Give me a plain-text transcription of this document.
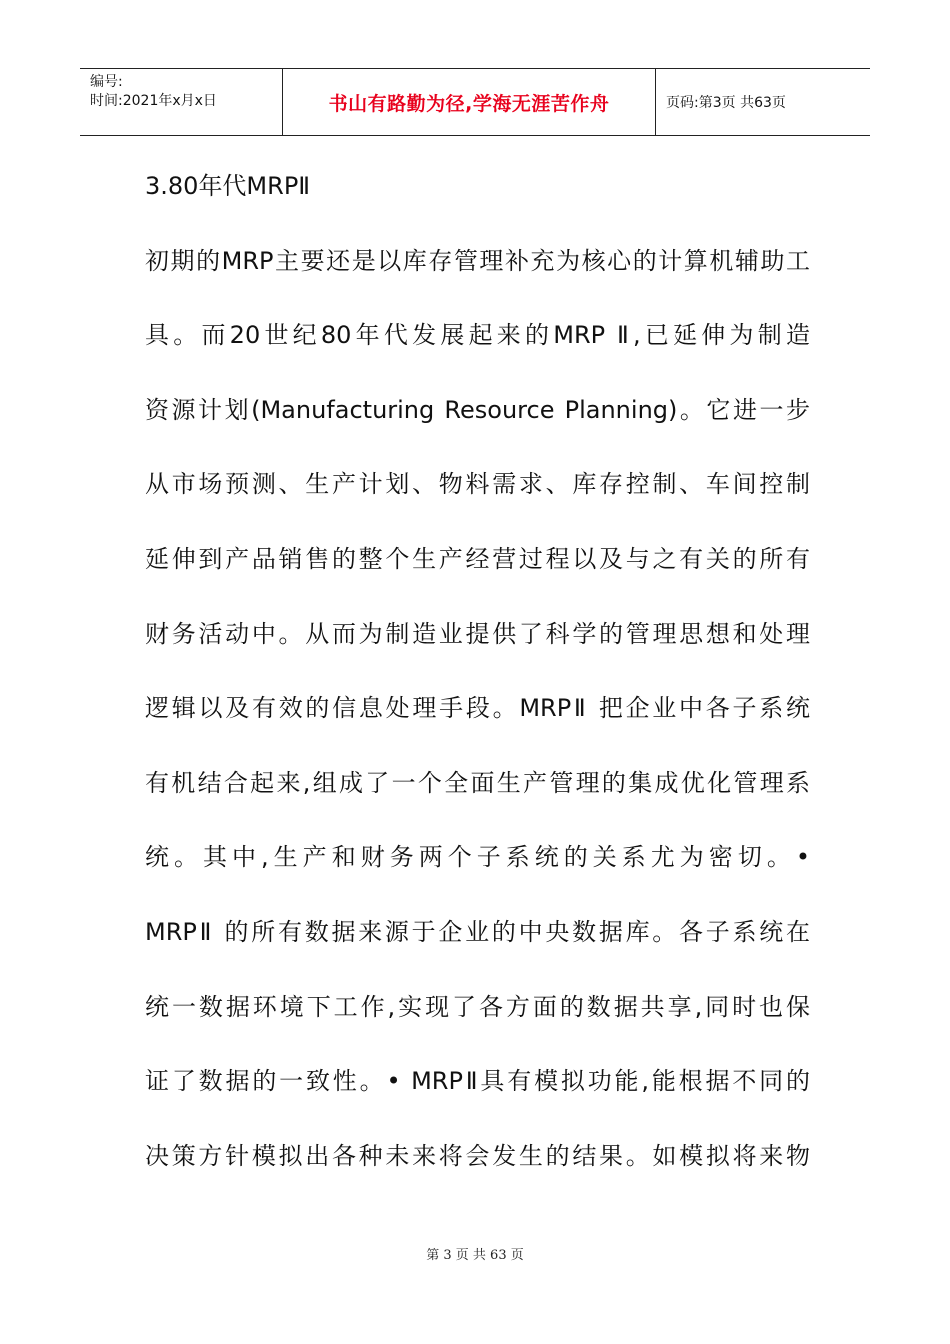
编号:
时间:2021年x月x日	书山有路勤为径,学海无涯苦作舟	页码:第3页 共63页
3.80年代MRPⅡ
初期的MRP主要还是以库存管理补充为核心的计算机辅助工
具。而20世纪80年代发展起来的MRP Ⅱ,已延伸为制造
资源计划(Manufacturing Resource Planning)。它进一步
从市场预测、生产计划、物料需求、库存控制、车间控制
延伸到产品销售的整个生产经营过程以及与之有关的所有
财务活动中。从而为制造业提供了科学的管理思想和处理
逻辑以及有效的信息处理手段。MRPⅡ 把企业中各子系统
有机结合起来,组成了一个全面生产管理的集成优化管理系
统。其中,生产和财务两个子系统的关系尤为密切。•
MRPⅡ 的所有数据来源于企业的中央数据库。各子系统在
统一数据环境下工作,实现了各方面的数据共享,同时也保
证了数据的一致性。• MRPⅡ具有模拟功能,能根据不同的
决策方针模拟出各种未来将会发生的结果。如模拟将来物
第 3 页 共 63 页
